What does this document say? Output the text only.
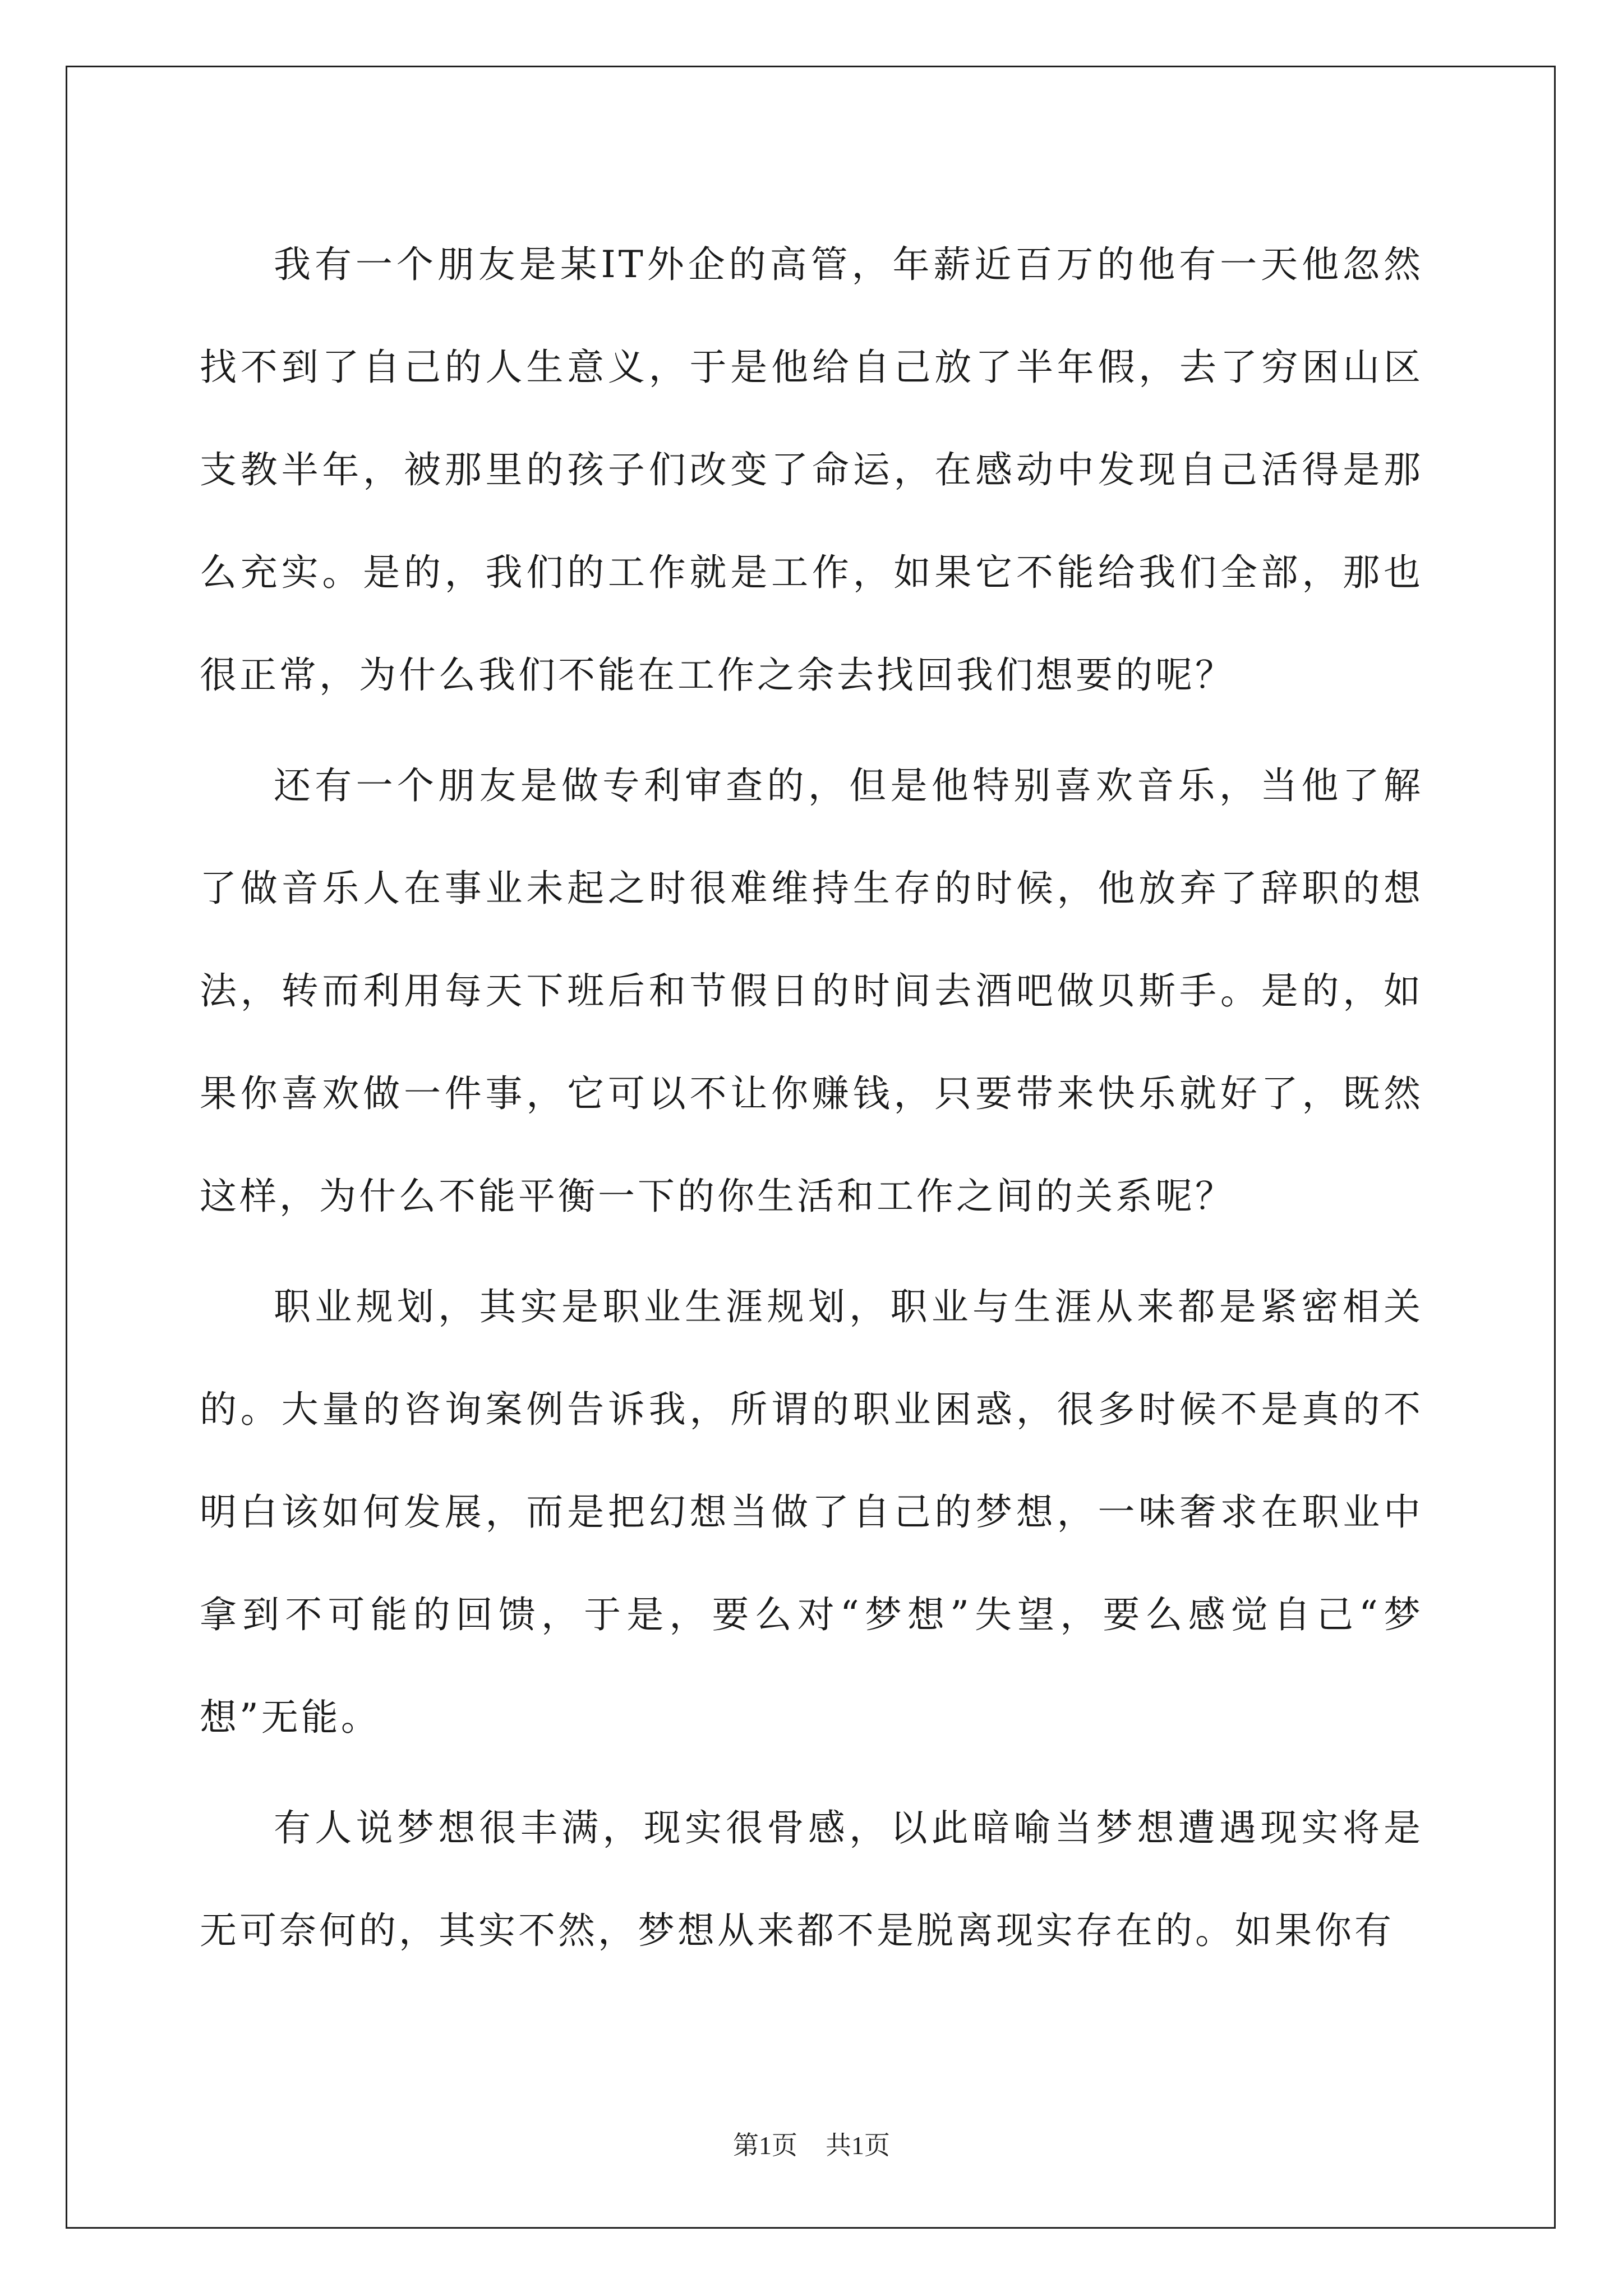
我有一个朋友是某IT外企的高管，年薪近百万的他有一天他忽然找不到了自己的人生意义，于是他给自己放了半年假，去了穷困山区支教半年，被那里的孩子们改变了命运，在感动中发现自己活得是那么充实。是的，我们的工作就是工作，如果它不能给我们全部，那也很正常，为什么我们不能在工作之余去找回我们想要的呢？

还有一个朋友是做专利审查的，但是他特别喜欢音乐，当他了解了做音乐人在事业未起之时很难维持生存的时候，他放弃了辞职的想法，转而利用每天下班后和节假日的时间去酒吧做贝斯手。是的，如果你喜欢做一件事，它可以不让你赚钱，只要带来快乐就好了，既然这样，为什么不能平衡一下的你生活和工作之间的关系呢？

职业规划，其实是职业生涯规划，职业与生涯从来都是紧密相关的。大量的咨询案例告诉我，所谓的职业困惑，很多时候不是真的不明白该如何发展，而是把幻想当做了自己的梦想，一味奢求在职业中拿到不可能的回馈，于是，要么对“梦想”失望，要么感觉自己“梦想”无能。

有人说梦想很丰满，现实很骨感，以此暗喻当梦想遭遇现实将是无可奈何的，其实不然，梦想从来都不是脱离现实存在的。如果你有

第1页 共1页
